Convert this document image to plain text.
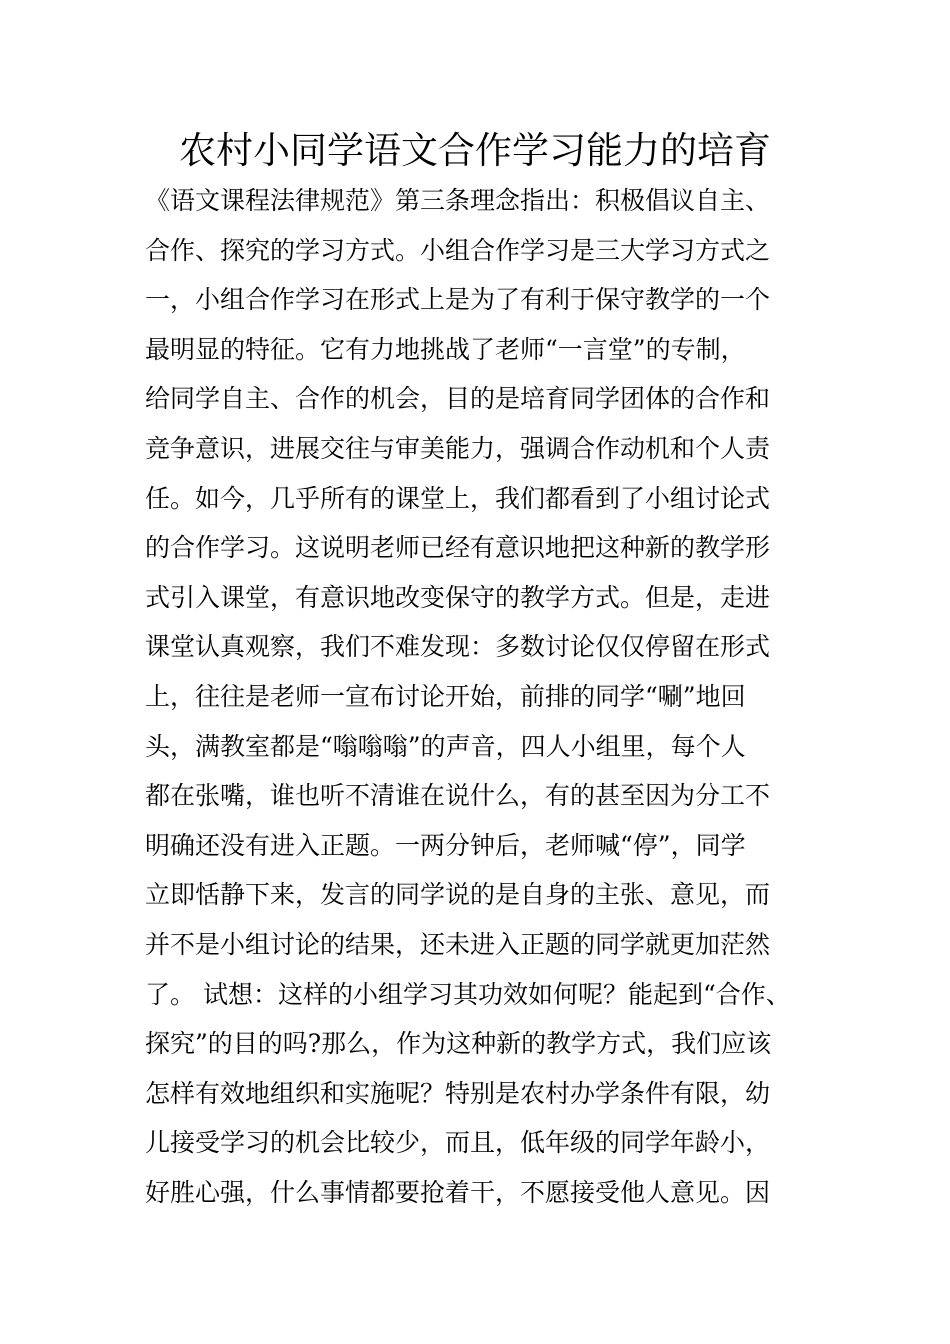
农村小同学语文合作学习能力的培育
《语文课程法律规范》第三条理念指出：积极倡议自主、
合作、探究的学习方式。小组合作学习是三大学习方式之
一，小组合作学习在形式上是为了有利于保守教学的一个
最明显的特征。它有力地挑战了老师“一言堂”的专制，
给同学自主、合作的机会，目的是培育同学团体的合作和
竞争意识，进展交往与审美能力，强调合作动机和个人责
任。如今，几乎所有的课堂上，我们都看到了小组讨论式
的合作学习。这说明老师已经有意识地把这种新的教学形
式引入课堂，有意识地改变保守的教学方式。但是，走进
课堂认真观察，我们不难发现：多数讨论仅仅停留在形式
上，往往是老师一宣布讨论开始，前排的同学“唰”地回
头，满教室都是“嗡嗡嗡”的声音，四人小组里，每个人
都在张嘴，谁也听不清谁在说什么，有的甚至因为分工不
明确还没有进入正题。一两分钟后，老师喊“停”，同学
立即恬静下来，发言的同学说的是自身的主张、意见，而
并不是小组讨论的结果，还未进入正题的同学就更加茫然
了。 试想：这样的小组学习其功效如何呢？能起到“合作、
探究”的目的吗?那么，作为这种新的教学方式，我们应该
怎样有效地组织和实施呢？特别是农村办学条件有限，幼
儿接受学习的机会比较少，而且，低年级的同学年龄小，
好胜心强，什么事情都要抢着干，不愿接受他人意见。因
